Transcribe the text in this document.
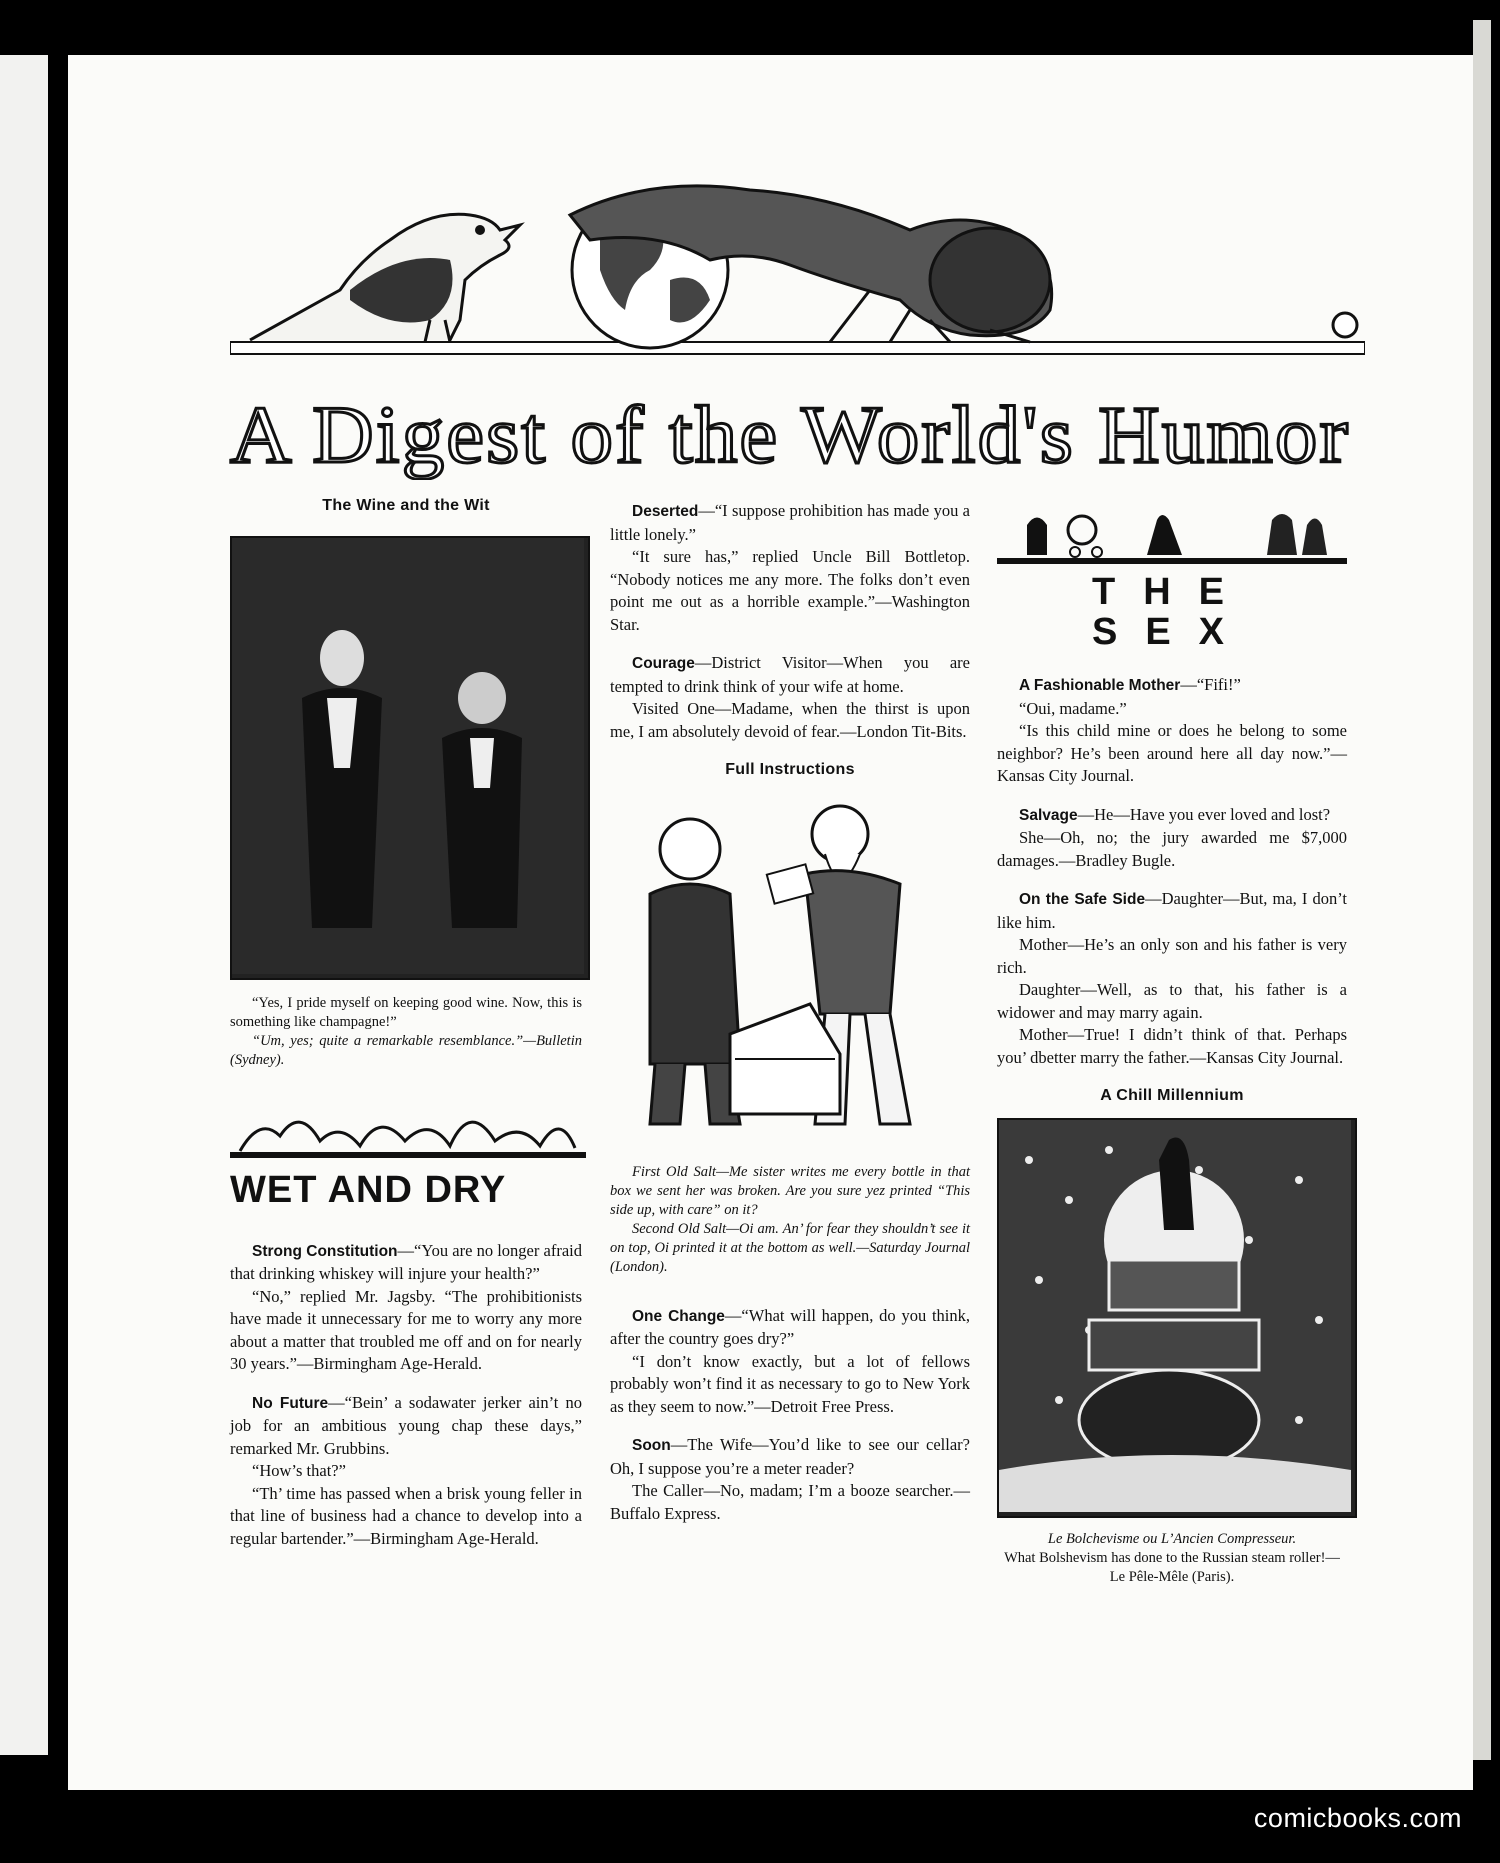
A Digest of the World's Humor
The Wine and the Wit

“Yes, I pride myself on keeping good wine. Now, this is something like champagne!”

“Um, yes; quite a remarkable resemblance.”—Bulletin (Sydney).

WET AND DRY

Strong Constitution—“You are no longer afraid that drinking whiskey will injure your health?”

“No,” replied Mr. Jagsby. “The prohibitionists have made it unnecessary for me to worry any more about a matter that troubled me off and on for nearly 30 years.”—Birmingham Age-Herald.

No Future—“Bein’ a sodawater jerker ain’t no job for an ambitious young chap these days,” remarked Mr. Grubbins.

“How’s that?”

“Th’ time has passed when a brisk young feller in that line of business had a chance to develop into a regular bartender.”—Birmingham Age-Herald.

Deserted—“I suppose prohibition has made you a little lonely.”

“It sure has,” replied Uncle Bill Bottletop. “Nobody notices me any more. The folks don’t even point me out as a horrible example.”—Washington Star.

Courage—District Visitor—When you are tempted to drink think of your wife at home.

Visited One—Madame, when the thirst is upon me, I am absolutely devoid of fear.—London Tit-Bits.

Full Instructions

First Old Salt—Me sister writes me every bottle in that box we sent her was broken. Are you sure yez printed “This side up, with care” on it?

Second Old Salt—Oi am. An’ for fear they shouldn’t see it on top, Oi printed it at the bottom as well.—Saturday Journal (London).

One Change—“What will happen, do you think, after the country goes dry?”

“I don’t know exactly, but a lot of fellows probably won’t find it as necessary to go to New York as they seem to now.”—Detroit Free Press.

Soon—The Wife—You’d like to see our cellar? Oh, I suppose you’re a meter reader?

The Caller—No, madam; I’m a booze searcher.—Buffalo Express.

THE SEX

A Fashionable Mother—“Fifi!”

“Oui, madame.”

“Is this child mine or does he belong to some neighbor? He’s been around here all day now.”—Kansas City Journal.

Salvage—He—Have you ever loved and lost?

She—Oh, no; the jury awarded me $7,000 damages.—Bradley Bugle.

On the Safe Side—Daughter—But, ma, I don’t like him.

Mother—He’s an only son and his father is very rich.

Daughter—Well, as to that, his father is a widower and may marry again.

Mother—True! I didn’t think of that. Perhaps you’ dbetter marry the father.—Kansas City Journal.

A Chill Millennium
Le Bolchevisme ou L’Ancien Compresseur.
What Bolshevism has done to the Russian steam roller!—Le Pêle-Mêle (Paris).
comicbooks.com
